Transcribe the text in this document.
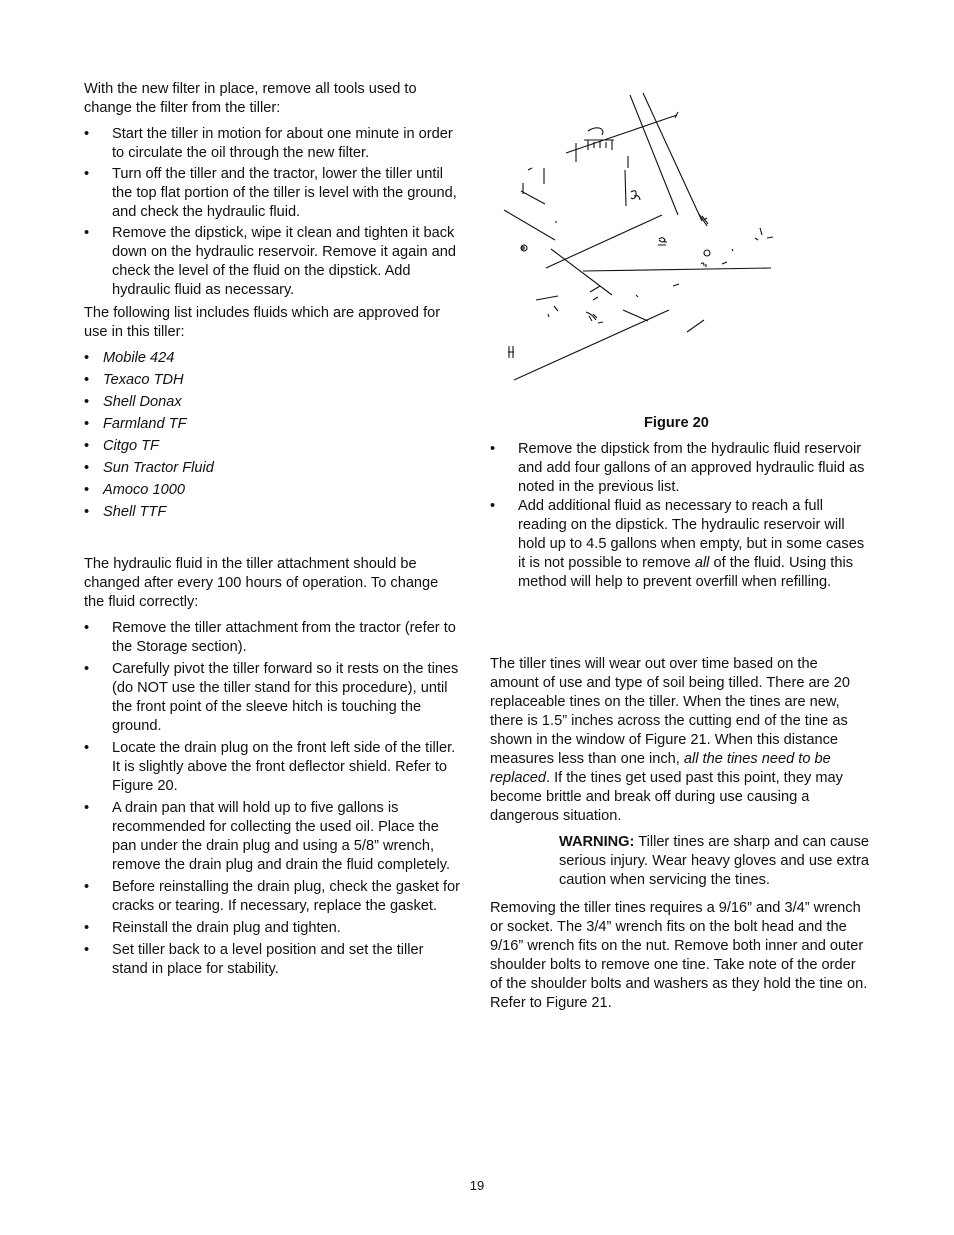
With the new filter in place, remove all tools used to change the filter from the tiller:

• Start the tiller in motion for about one minute in order to circulate the oil through the new filter.
• Turn off the tiller and the tractor, lower the tiller until the top flat portion of the tiller is level with the ground, and check the hydraulic fluid.
• Remove the dipstick, wipe it clean and tighten it back down on the hydraulic reservoir. Remove it again and check the level of the fluid on the dipstick. Add hydraulic fluid as necessary.

The following list includes fluids which are approved for use in this tiller:

• Mobile 424
• Texaco TDH
• Shell Donax
• Farmland TF
• Citgo TF
• Sun Tractor Fluid
• Amoco 1000
• Shell TTF

The hydraulic fluid in the tiller attachment should be changed after every 100 hours of operation. To change the fluid correctly:

• Remove the tiller attachment from the tractor (refer to the Storage section).
• Carefully pivot the tiller forward so it rests on the tines (do NOT use the tiller stand for this procedure), until the front point of the sleeve hitch is touching the ground.
• Locate the drain plug on the front left side of the tiller. It is slightly above the front deflector shield. Refer to Figure 20.
• A drain pan that will hold up to five gallons is recommended for collecting the used oil. Place the pan under the drain plug and using a 5/8” wrench, remove the drain plug and drain the fluid completely.
• Before reinstalling the drain plug, check the gasket for cracks or tearing. If necessary, replace the gasket.
• Reinstall the drain plug and tighten.
• Set tiller back to a level position and set the tiller stand in place for stability.
Figure 20
• Remove the dipstick from the hydraulic fluid reservoir and add four gallons of an approved hydraulic fluid as noted in the previous list.
• Add additional fluid as necessary to reach a full reading on the dipstick. The hydraulic reservoir will hold up to 4.5 gallons when empty, but in some cases it is not possible to remove all of the fluid. Using this method will help to prevent overfill when refilling.

The tiller tines will wear out over time based on the amount of use and type of soil being tilled. There are 20 replaceable tines on the tiller. When the tines are new, there is 1.5” inches across the cutting end of the tine as shown in the window of Figure 21. When this distance measures less than one inch, all the tines need to be replaced. If the tines get used past this point, they may become brittle and break off during use causing a dangerous situation.

WARNING: Tiller tines are sharp and can cause serious injury. Wear heavy gloves and use extra caution when servicing the tines.

Removing the tiller tines requires a 9/16” and 3/4” wrench or socket. The 3/4” wrench fits on the bolt head and the 9/16” wrench fits on the nut. Remove both inner and outer shoulder bolts to remove one tine. Take note of the order of the shoulder bolts and washers as they hold the tine on. Refer to Figure 21.

19
